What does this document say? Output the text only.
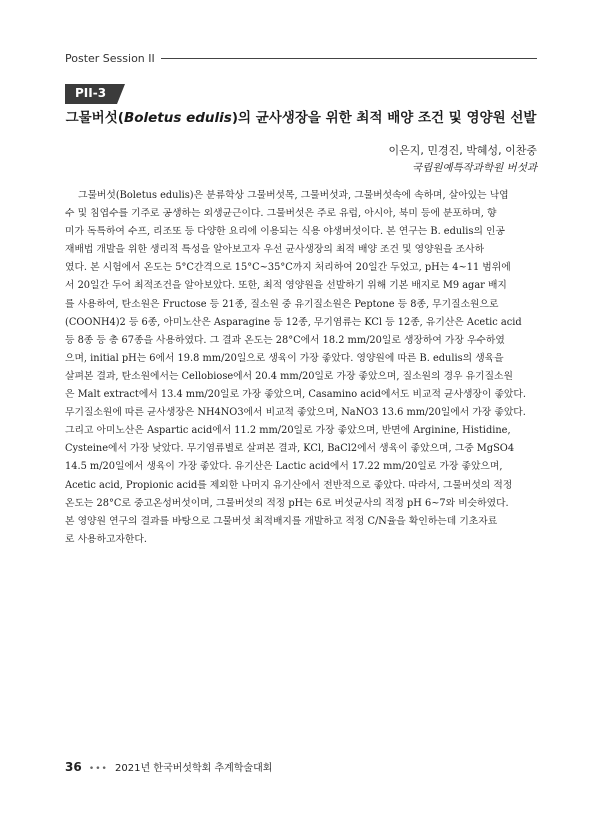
Poster Session II
PII-3
그물버섯(Boletus edulis)의 균사생장을 위한 최적 배양 조건 및 영양원 선발
이은지, 민경진, 박혜성, 이찬중
국립원예특작과학원 버섯과
그물버섯(Boletus edulis)은 분류학상 그물버섯목, 그물버섯과, 그물버섯속에 속하며, 살아있는 낙엽
수 및 침엽수를 기주로 공생하는 외생균근이다. 그물버섯은 주로 유럽, 아시아, 북미 등에 분포하며, 향
미가 독특하여 수프, 리조또 등 다양한 요리에 이용되는 식용 야생버섯이다. 본 연구는 B. edulis의 인공
재배법 개발을 위한 생리적 특성을 알아보고자 우선 균사생장의 최적 배양 조건 및 영양원을 조사하
였다. 본 시험에서 온도는 5°C간격으로 15°C~35°C까지 처리하여 20일간 두었고, pH는 4~11 범위에
서 20일간 두어 최적조건을 알아보았다. 또한, 최적 영양원을 선발하기 위해 기본 배지로 M9 agar 배지
를 사용하여, 탄소원은 Fructose 등 21종, 질소원 중 유기질소원은 Peptone 등 8종, 무기질소원으로
(COONH4)2 등 6종, 아미노산은 Asparagine 등 12종, 무기염류는 KCl 등 12종, 유기산은 Acetic acid
등 8종 등 총 67종을 사용하였다. 그 결과 온도는 28°C에서 18.2 mm/20일로 생장하여 가장 우수하였
으며, initial pH는 6에서 19.8 mm/20일으로 생육이 가장 좋았다. 영양원에 따른 B. edulis의 생육을
살펴본 결과, 탄소원에서는 Cellobiose에서 20.4 mm/20일로 가장 좋았으며, 질소원의 경우 유기질소원
은 Malt extract에서 13.4 mm/20일로 가장 좋았으며, Casamino acid에서도 비교적 균사생장이 좋았다.
무기질소원에 따른 균사생장은 NH4NO3에서 비교적 좋았으며, NaNO3 13.6 mm/20일에서 가장 좋았다.
그리고 아미노산은 Aspartic acid에서 11.2 mm/20일로 가장 좋았으며, 반면에 Arginine, Histidine,
Cysteine에서 가장 낮았다. 무기염류별로 살펴본 결과, KCl, BaCl2에서 생육이 좋았으며, 그중 MgSO4
14.5 m/20일에서 생육이 가장 좋았다. 유기산은 Lactic acid에서 17.22 mm/20일로 가장 좋았으며,
Acetic acid, Propionic acid를 제외한 나머지 유기산에서 전반적으로 좋았다. 따라서, 그물버섯의 적정
온도는 28°C로 중고온성버섯이며, 그물버섯의 적정 pH는 6로 버섯균사의 적정 pH 6~7와 비슷하였다.
본 영양원 연구의 결과를 바탕으로 그물버섯 최적배지를 개발하고 적정 C/N율을 확인하는데 기초자료
로 사용하고자한다.
36 ••• 2021년 한국버섯학회 추계학술대회
